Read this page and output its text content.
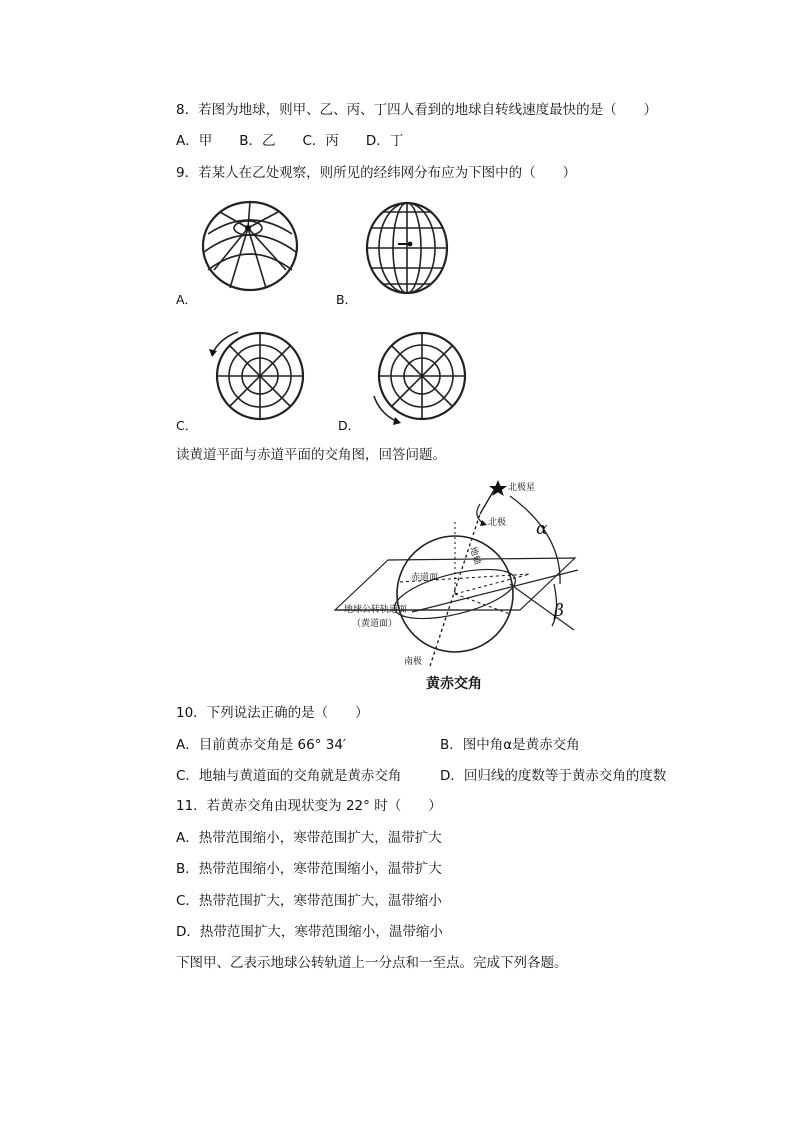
8．若图为地球，则甲、乙、丙、丁四人看到的地球自转线速度最快的是（　　）
A．甲　　B．乙　　C．丙　　D．丁
9．若某人在乙处观察，则所见的经纬网分布应为下图中的（　　）
A．	B．
C．	D．
读黄道平面与赤道平面的交角图，回答问题。
北极星
北极
地轴
α
β
赤道面
地球公转轨道面
（黄道面）
南极
黄赤交角
10．下列说法正确的是（　　）
A．目前黄赤交角是 66° 34′	B．图中角α是黄赤交角
C．地轴与黄道面的交角就是黄赤交角	D．回归线的度数等于黄赤交角的度数
11．若黄赤交角由现状变为 22° 时（　　）
A．热带范围缩小，寒带范围扩大，温带扩大
B．热带范围缩小，寒带范围缩小，温带扩大
C．热带范围扩大，寒带范围扩大，温带缩小
D．热带范围扩大，寒带范围缩小，温带缩小
下图甲、乙表示地球公转轨道上一分点和一至点。完成下列各题。
